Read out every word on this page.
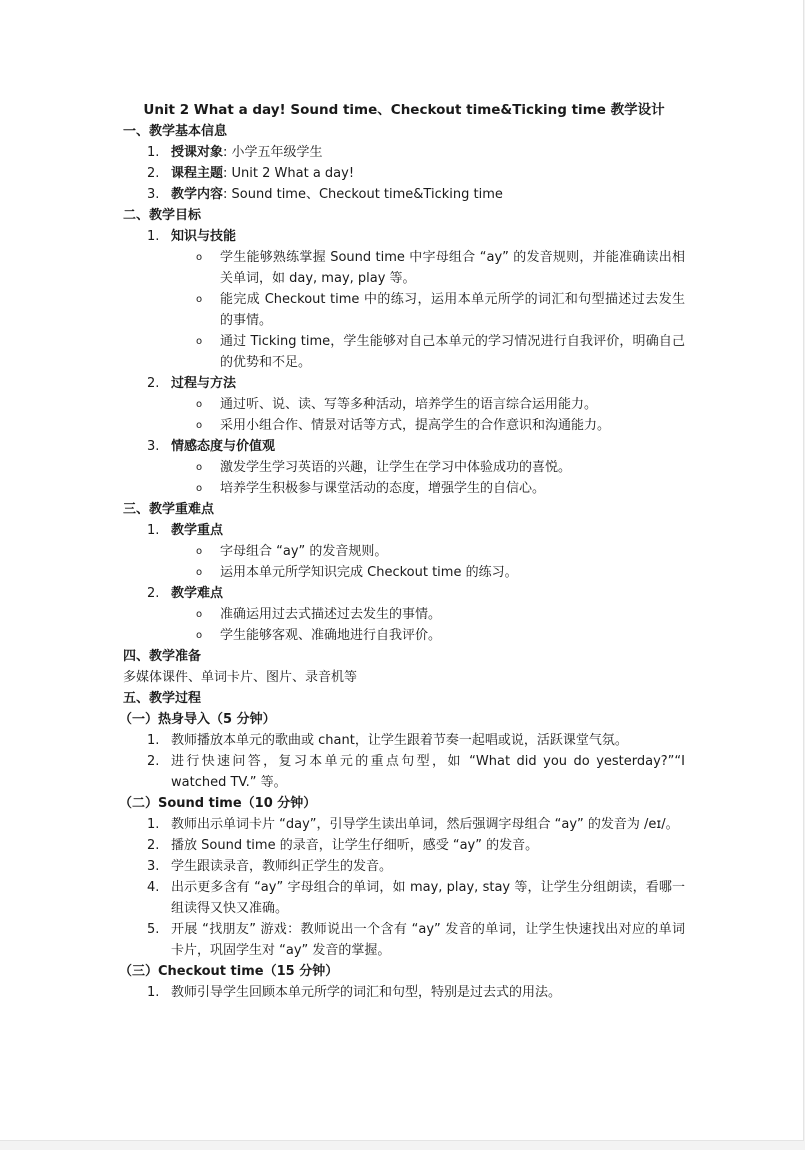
Unit 2 What a day! Sound time、Checkout time&Ticking time 教学设计
一、教学基本信息
1. 授课对象: 小学五年级学生
2. 课程主题: Unit 2 What a day!
3. 教学内容: Sound time、Checkout time&Ticking time
二、教学目标
1. 知识与技能
o	学生能够熟练掌握 Sound time 中字母组合 “ay” 的发音规则，并能准确读出相关单词，如 day, may, play 等。
o	能完成 Checkout time 中的练习，运用本单元所学的词汇和句型描述过去发生的事情。
o	通过 Ticking time，学生能够对自己本单元的学习情况进行自我评价，明确自己的优势和不足。
2. 过程与方法
o	通过听、说、读、写等多种活动，培养学生的语言综合运用能力。
o	采用小组合作、情景对话等方式，提高学生的合作意识和沟通能力。
3. 情感态度与价值观
o	激发学生学习英语的兴趣，让学生在学习中体验成功的喜悦。
o	培养学生积极参与课堂活动的态度，增强学生的自信心。
三、教学重难点
1. 教学重点
o	字母组合 “ay” 的发音规则。
o	运用本单元所学知识完成 Checkout time 的练习。
2. 教学难点
o	准确运用过去式描述过去发生的事情。
o	学生能够客观、准确地进行自我评价。
四、教学准备
多媒体课件、单词卡片、图片、录音机等
五、教学过程
（一）热身导入（5 分钟）
1. 教师播放本单元的歌曲或 chant，让学生跟着节奏一起唱或说，活跃课堂气氛。
2. 进行快速问答，复习本单元的重点句型，如 “What did you do yesterday?”“I watched TV.” 等。
（二）Sound time（10 分钟）
1. 教师出示单词卡片 “day”，引导学生读出单词，然后强调字母组合 “ay” 的发音为 /eɪ/。
2. 播放 Sound time 的录音，让学生仔细听，感受 “ay” 的发音。
3. 学生跟读录音，教师纠正学生的发音。
4. 出示更多含有 “ay” 字母组合的单词，如 may, play, stay 等，让学生分组朗读，看哪一组读得又快又准确。
5. 开展 “找朋友” 游戏：教师说出一个含有 “ay” 发音的单词，让学生快速找出对应的单词卡片，巩固学生对 “ay” 发音的掌握。
（三）Checkout time（15 分钟）
1. 教师引导学生回顾本单元所学的词汇和句型，特别是过去式的用法。
